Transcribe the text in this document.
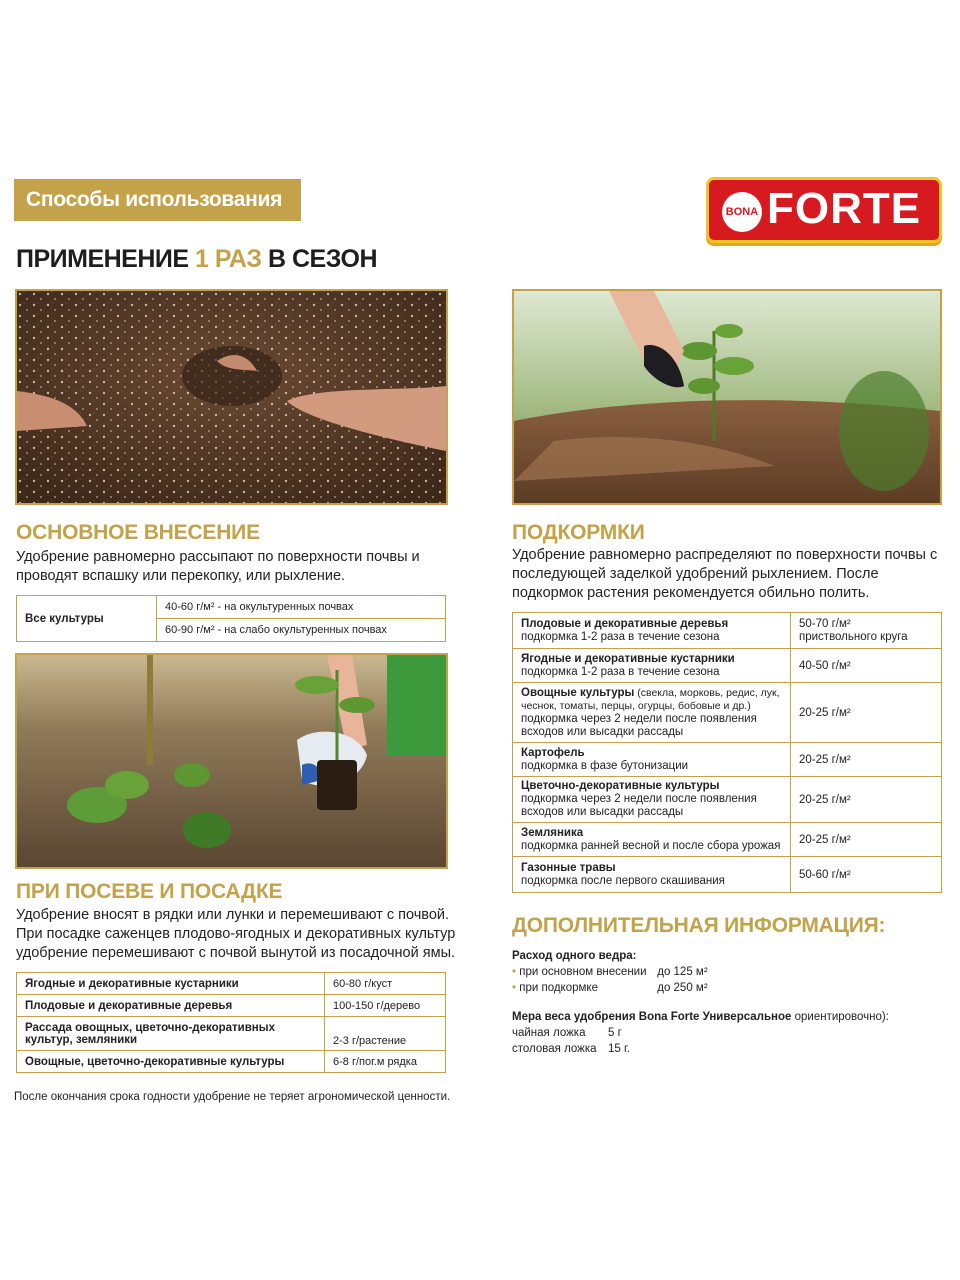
Способы использования
BONA FORTE
ПРИМЕНЕНИЕ 1 РАЗ В СЕЗОН
ОСНОВНОЕ ВНЕСЕНИЕ
Удобрение равномерно рассыпают по поверхности почвы и проводят вспашку или перекопку, или рыхление.
Все культуры	40-60 г/м² - на окультуренных почвах
60-90 г/м² - на слабо окультуренных почвах
ПРИ ПОСЕВЕ И ПОСАДКЕ
Удобрение вносят в рядки или лунки и перемешивают с почвой. При посадке саженцев плодово-ягодных и декоративных культур удобрение перемешивают с почвой вынутой из посадочной ямы.
Ягодные и декоративные кустарники	60-80 г/куст
Плодовые и декоративные деревья	100-150 г/дерево
Рассада овощных, цветочно-декоративных культур, земляники	2-3 г/растение
Овощные, цветочно-декоративные культуры	6-8 г/пог.м рядка
ПОДКОРМКИ
Удобрение равномерно распределяют по поверхности почвы с последующей заделкой удобрений рыхлением. После подкормок растения рекомендуется обильно полить.
Плодовые и декоративные деревья
подкормка 1-2 раза в течение сезона	50-70 г/м²
приствольного круга
Ягодные и декоративные кустарники
подкормка 1-2 раза в течение сезона	40-50 г/м²
Овощные культуры (свекла, морковь, редис, лук, чеснок, томаты, перцы, огурцы, бобовые и др.)
подкормка через 2 недели после появления всходов или высадки рассады	20-25 г/м²
Картофель
подкормка в фазе бутонизации	20-25 г/м²
Цветочно-декоративные культуры
подкормка через 2 недели после появления всходов или высадки рассады	20-25 г/м²
Земляника
подкормка ранней весной и после сбора урожая	20-25 г/м²
Газонные травы
подкормка после первого скашивания	50-60 г/м²
ДОПОЛНИТЕЛЬНАЯ ИНФОРМАЦИЯ:
Расход одного ведра:
• при основном внесении до 125 м²
• при подкормке	до 250 м²
Мера веса удобрения Bona Forte Универсальное ориентировочно):
чайная ложка 5 г
столовая ложка 15 г.
После окончания срока годности удобрение не теряет агрономической ценности.
